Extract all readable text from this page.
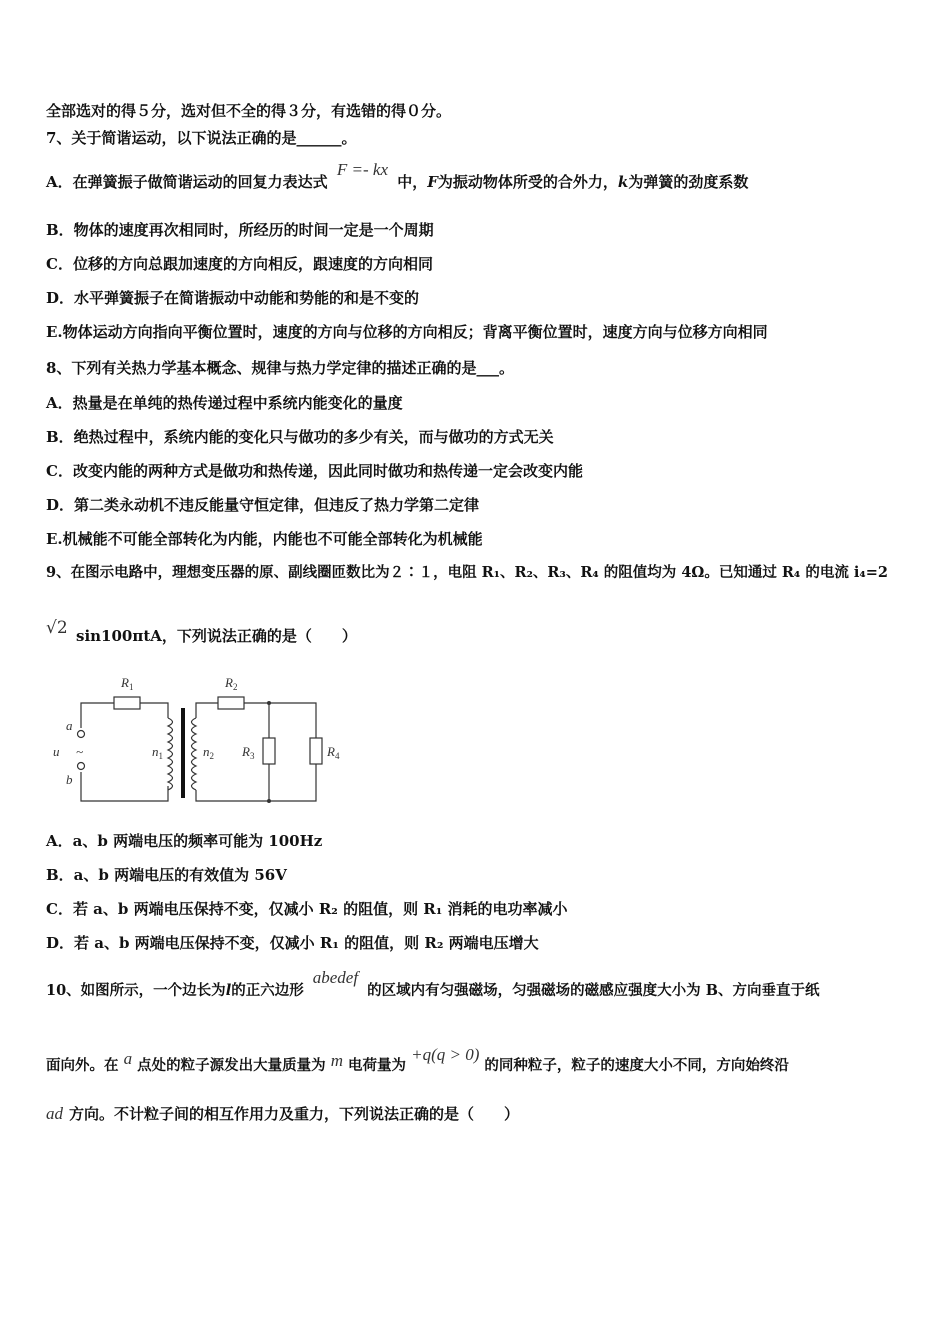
全部选对的得５分，选对但不全的得３分，有选错的得０分。
7、关于简谐运动，以下说法正确的是______。
A．在弹簧振子做简谐运动的回复力表达式 F =- kx 中，F为振动物体所受的合外力，k为弹簧的劲度系数
B．物体的速度再次相同时，所经历的时间一定是一个周期
C．位移的方向总跟加速度的方向相反，跟速度的方向相同
D．水平弹簧振子在简谐振动中动能和势能的和是不变的
E.物体运动方向指向平衡位置时，速度的方向与位移的方向相反；背离平衡位置时，速度方向与位移方向相同
8、下列有关热力学基本概念、规律与热力学定律的描述正确的是___。
A．热量是在单纯的热传递过程中系统内能变化的量度
B．绝热过程中，系统内能的变化只与做功的多少有关，而与做功的方式无关
C．改变内能的两种方式是做功和热传递，因此同时做功和热传递一定会改变内能
D．第二类永动机不违反能量守恒定律，但违反了热力学第二定律
E.机械能不可能全部转化为内能，内能也不可能全部转化为机械能
9、在图示电路中，理想变压器的原、副线圈匝数比为２∶１，电阻 R₁、R₂、R₃、R₄ 的阻值均为 4Ω。已知通过 R₄ 的电流 i₄=2
√2 sin100πtA，下列说法正确的是（　　）
$R_1$	$R_2$
$R_3$	$R_4$
$n_1$	$n_2$
a
b
u ~
A．a、b 两端电压的频率可能为 100Hz
B．a、b 两端电压的有效值为 56V
C．若 a、b 两端电压保持不变，仅减小 R₂ 的阻值，则 R₁ 消耗的电功率减小
D．若 a、b 两端电压保持不变，仅减小 R₁ 的阻值，则 R₂ 两端电压增大
10、如图所示，一个边长为l的正六边形 abedef 的区域内有匀强磁场，匀强磁场的磁感应强度大小为 B、方向垂直于纸
面向外。在 a 点处的粒子源发出大量质量为 m 电荷量为 +q(q > 0) 的同种粒子，粒子的速度大小不同，方向始终沿
ad 方向。不计粒子间的相互作用力及重力，下列说法正确的是（　　）
